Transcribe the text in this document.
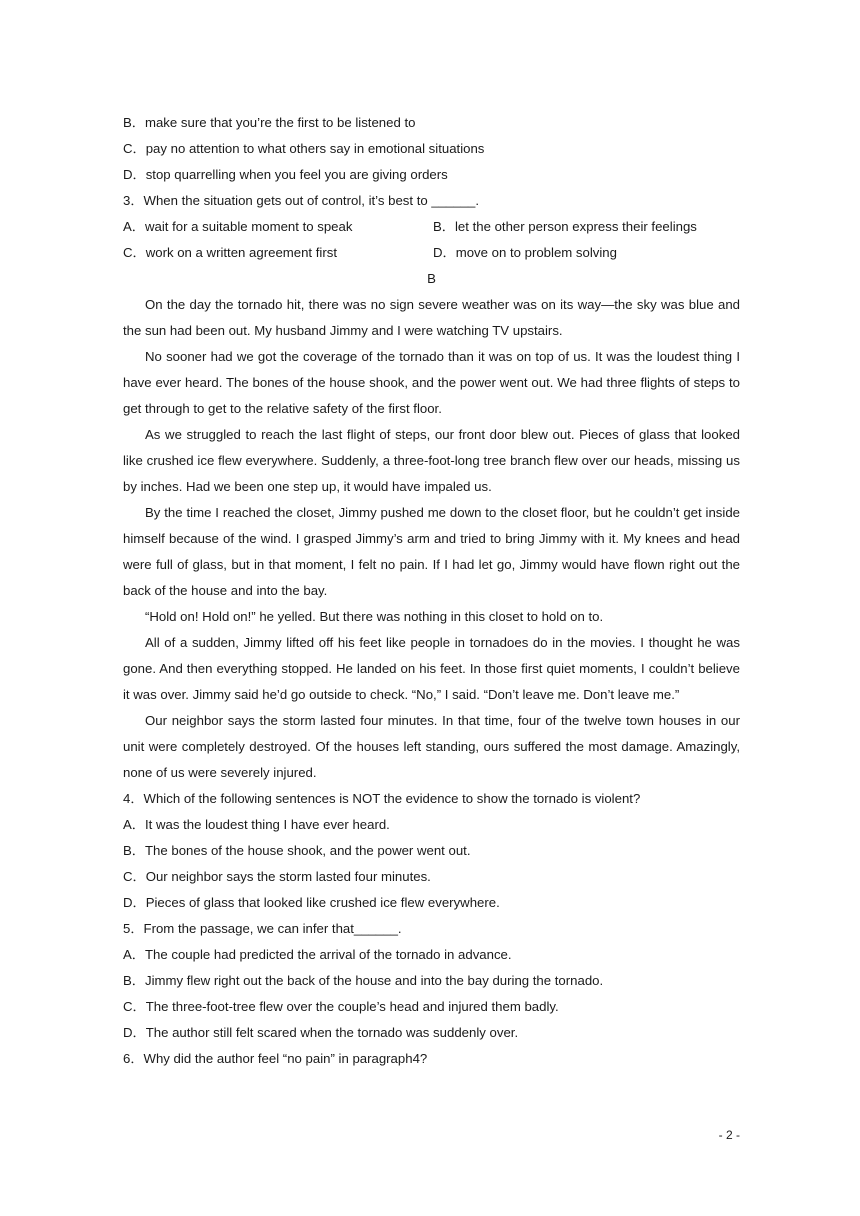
B．make sure that you’re the first to be listened to
C．pay no attention to what others say in emotional situations
D．stop quarrelling when you feel you are giving orders
3．When the situation gets out of control, it’s best to ______.
A．wait for a suitable moment to speak	B．let the other person express their feelings
C．work on a written agreement first	D．move on to problem solving
B

On the day the tornado hit, there was no sign severe weather was on its way—the sky was blue and the sun had been out. My husband Jimmy and I were watching TV upstairs.

No sooner had we got the coverage of the tornado than it was on top of us. It was the loudest thing I have ever heard. The bones of the house shook, and the power went out. We had three flights of steps to get through to get to the relative safety of the first floor.

As we struggled to reach the last flight of steps, our front door blew out. Pieces of glass that looked like crushed ice flew everywhere. Suddenly, a three-foot-long tree branch flew over our heads, missing us by inches. Had we been one step up, it would have impaled us.

By the time I reached the closet, Jimmy pushed me down to the closet floor, but he couldn’t get inside himself because of the wind. I grasped Jimmy’s arm and tried to bring Jimmy with it. My knees and head were full of glass, but in that moment, I felt no pain. If I had let go, Jimmy would have flown right out the back of the house and into the bay.

“Hold on! Hold on!” he yelled. But there was nothing in this closet to hold on to.

All of a sudden, Jimmy lifted off his feet like people in tornadoes do in the movies. I thought he was gone. And then everything stopped. He landed on his feet. In those first quiet moments, I couldn’t believe it was over. Jimmy said he’d go outside to check. “No,” I said. “Don’t leave me. Don’t leave me.”

Our neighbor says the storm lasted four minutes. In that time, four of the twelve town houses in our unit were completely destroyed. Of the houses left standing, ours suffered the most damage. Amazingly, none of us were severely injured.

4．Which of the following sentences is NOT the evidence to show the tornado is violent?
A．It was the loudest thing I have ever heard.
B．The bones of the house shook, and the power went out.
C．Our neighbor says the storm lasted four minutes.
D．Pieces of glass that looked like crushed ice flew everywhere.
5．From the passage, we can infer that______.
A．The couple had predicted the arrival of the tornado in advance.
B．Jimmy flew right out the back of the house and into the bay during the tornado.
C．The three-foot-tree flew over the couple’s head and injured them badly.
D．The author still felt scared when the tornado was suddenly over.
6．Why did the author feel “no pain” in paragraph4?
- 2 -
